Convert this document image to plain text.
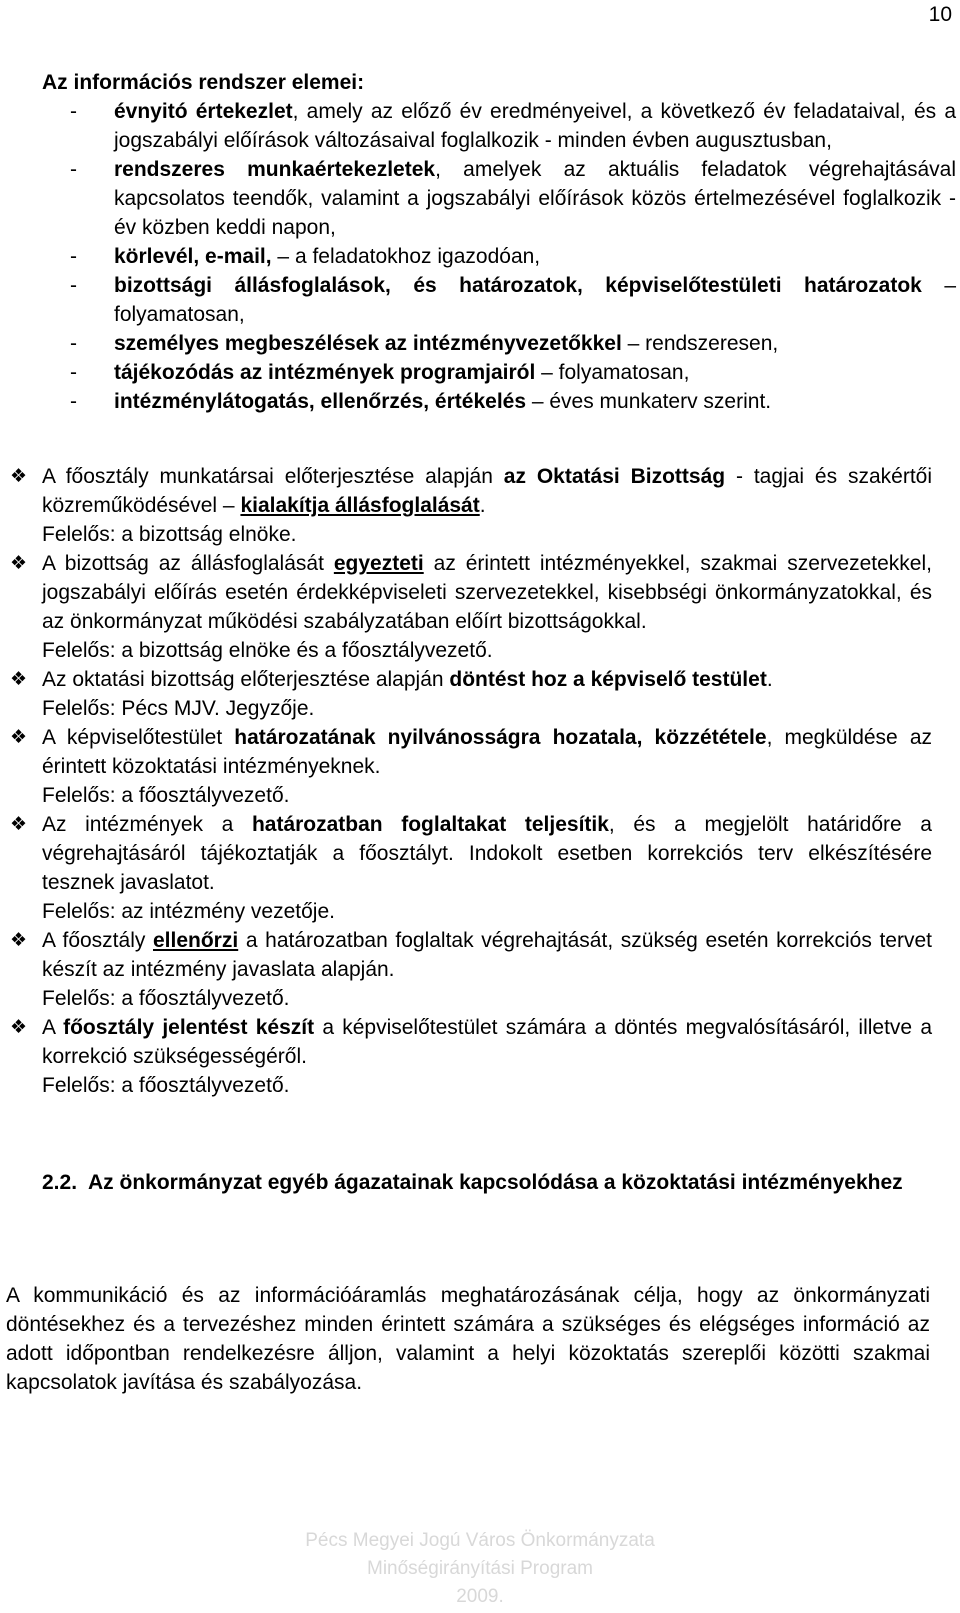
10
Az információs rendszer elemei:
-	évnyitó értekezlet, amely az előző év eredményeivel, a következő év feladataival, és a jogszabályi előírások változásaival foglalkozik - minden évben augusztusban,
-	rendszeres munkaértekezletek, amelyek az aktuális feladatok végrehajtásával kapcsolatos teendők, valamint a jogszabályi előírások közös értelmezésével foglalkozik - év közben keddi napon,
-	körlevél, e-mail, – a feladatokhoz igazodóan,
-	bizottsági állásfoglalások, és határozatok, képviselőtestületi határozatok – folyamatosan,
-	személyes megbeszélések az intézményvezetőkkel – rendszeresen,
-	tájékozódás az intézmények programjairól – folyamatosan,
-	intézménylátogatás, ellenőrzés, értékelés – éves munkaterv szerint.
❖ A főosztály munkatársai előterjesztése alapján az Oktatási Bizottság - tagjai és szakértői közreműködésével – kialakítja állásfoglalását.
Felelős: a bizottság elnöke.
❖ A bizottság az állásfoglalását egyezteti az érintett intézményekkel, szakmai szervezetekkel, jogszabályi előírás esetén érdekképviseleti szervezetekkel, kisebbségi önkormányzatokkal, és az önkormányzat működési szabályzatában előírt bizottságokkal.
Felelős: a bizottság elnöke és a főosztályvezető.
❖ Az oktatási bizottság előterjesztése alapján döntést hoz a képviselő testület.
Felelős: Pécs MJV. Jegyzője.
❖ A képviselőtestület határozatának nyilvánosságra hozatala, közzététele, megküldése az érintett közoktatási intézményeknek.
Felelős: a főosztályvezető.
❖ Az intézmények a határozatban foglaltakat teljesítik, és a megjelölt határidőre a végrehajtásáról tájékoztatják a főosztályt. Indokolt esetben korrekciós terv elkészítésére tesznek javaslatot.
Felelős: az intézmény vezetője.
❖ A főosztály ellenőrzi a határozatban foglaltak végrehajtását, szükség esetén korrekciós tervet készít az intézmény javaslata alapján.
Felelős: a főosztályvezető.
❖ A főosztály jelentést készít a képviselőtestület számára a döntés megvalósításáról, illetve a korrekció szükségességéről.
Felelős: a főosztályvezető.
2.2. Az önkormányzat egyéb ágazatainak kapcsolódása a közoktatási intézményekhez
A kommunikáció és az információáramlás meghatározásának célja, hogy az önkormányzati döntésekhez és a tervezéshez minden érintett számára a szükséges és elégséges információ az adott időpontban rendelkezésre álljon, valamint a helyi közoktatás szereplői közötti szakmai kapcsolatok javítása és szabályozása.
Pécs Megyei Jogú Város Önkormányzata
Minőségirányítási Program
2009.
